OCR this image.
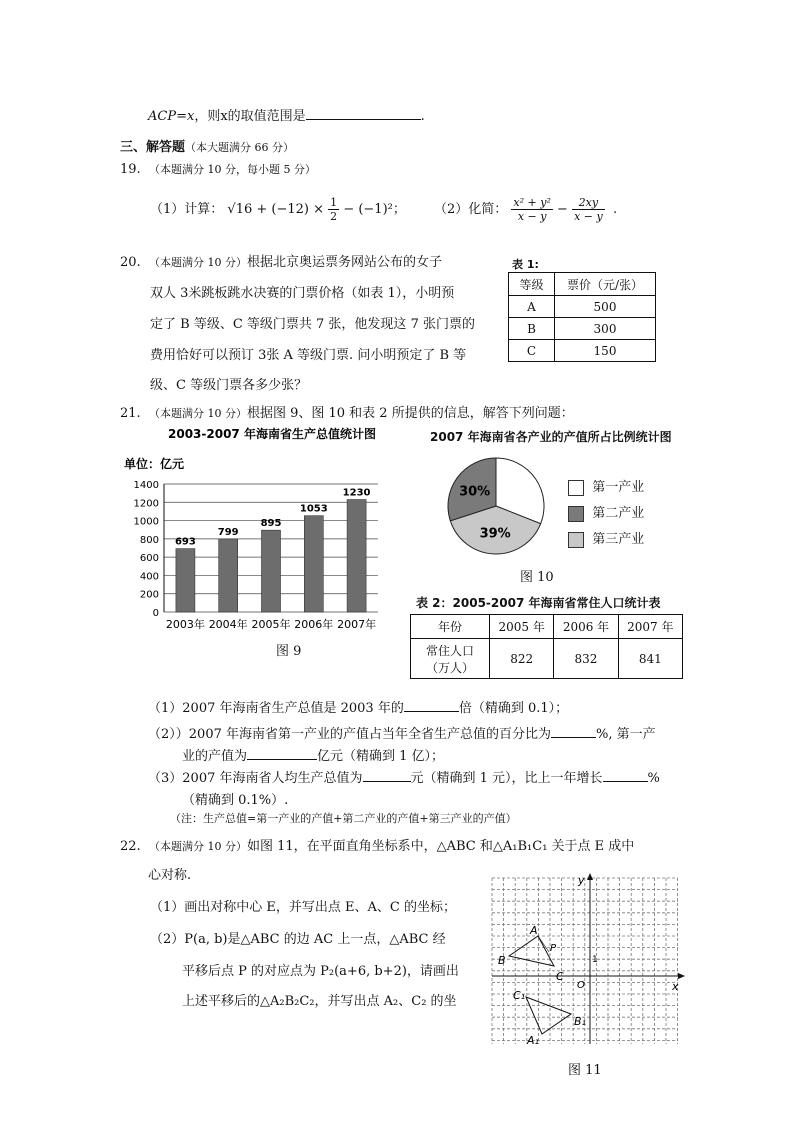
ACP=x，则x的取值范围是	.
三、解答题（本大题满分 66 分）
19. （本题满分 10 分，每小题 5 分）
（1）计算： $√16 + (-12) \times \frac{1}{2} - (-1)^2$； （2）化简： $\frac{\text{x² + y²}}{x - y} - \frac{2xy}{x - y}$ .
20. （本题满分 10 分）根据北京奥运票务网站公布的女子
双人 3米跳板跳水决赛的门票价格（如表 1），小明预
定了 B 等级、C 等级门票共 7 张，他发现这 7 张门票的
费用恰好可以预订 3张 A 等级门票. 问小明预定了 B 等
级、C 等级门票各多少张？
表 1:
等级	票价（元/张）
A	500
B	300
C	150
21. （本题满分 10 分）根据图 9、图 10 和表 2 所提供的信息，解答下列问题：
2003-2007 年海南省生产总值统计图
单位：亿元
0
200
400
600
800
1000
1200
1400
693
2003年
799
2004年
895
2005年
1053
2006年
1230
2007年
图 9
2007 年海南省各产业的产值所占比例统计图
39%
30%	第一产业
第二产业
第三产业
图 10
表 2：2005-2007 年海南省常住人口统计表
年份	2005 年	2006 年	2007 年

常住人口
（万人）	822	832	841
（1）2007 年海南省生产总值是 2003 年的	倍（精确到 0.1）；
（2））2007 年海南省第一产业的产值占当年全省生产总值的百分比为	%, 第一产
业的产值为	亿元（精确到 1 亿）；
（3）2007 年海南省人均生产总值为	元（精确到 1 元），比上一年增长	%
（精确到 0.1%）.
（注：生产总值=第一产业的产值+第二产业的产值+第三产业的产值）
22. （本题满分 10 分）如图 11，在平面直角坐标系中，△ABC 和△A₁B₁C₁ 关于点 E 成中
心对称.
（1）画出对称中心 E，并写出点 E、A、C 的坐标；
（2）P(a, b)是△ABC 的边 AC 上一点，△ABC 经
平移后点 P 的对应点为 P₂(a+6, b+2)，请画出
上述平移后的△A₂B₂C₂，并写出点 A₂、C₂ 的坐
y
x
O
1
B
A
P
C
C₁
B₁
A₁
图 11
